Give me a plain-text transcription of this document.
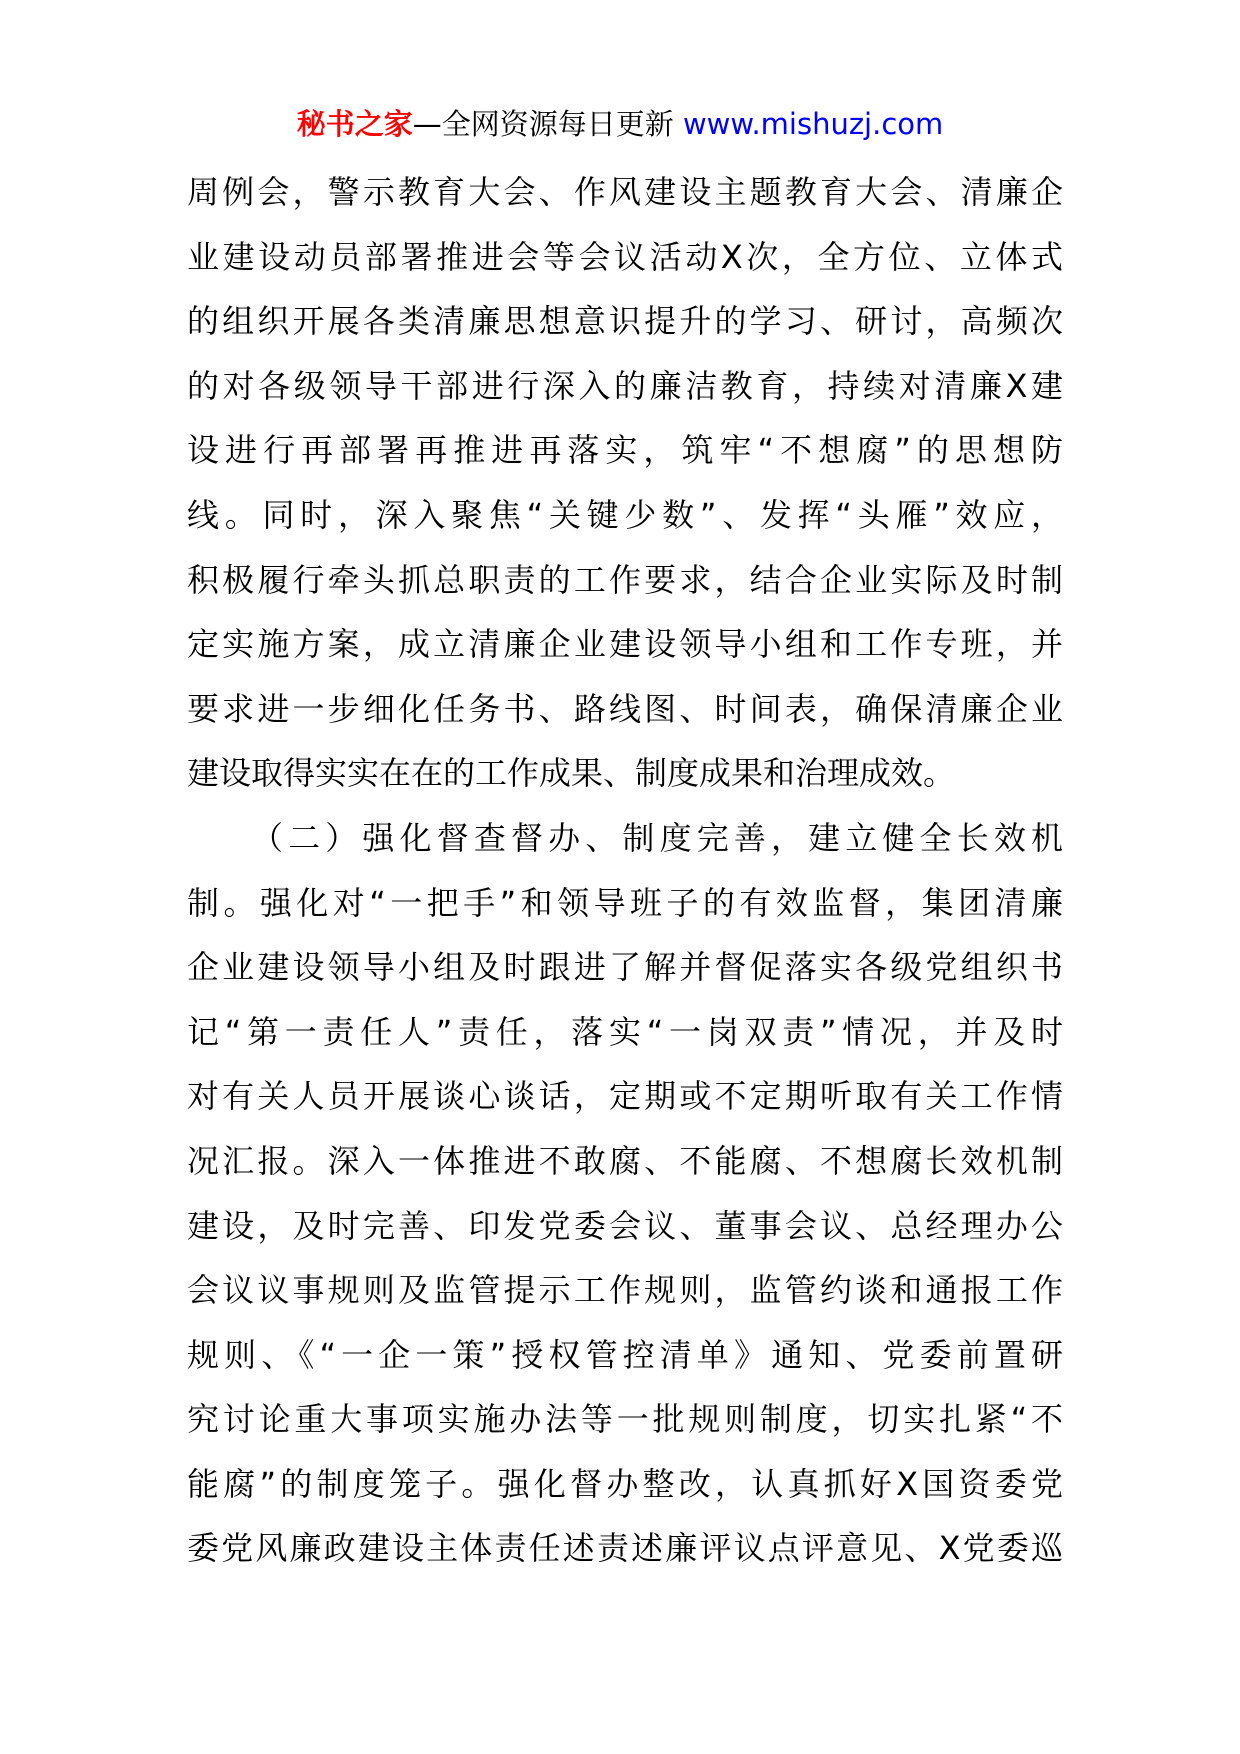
秘书之家—全网资源每日更新 www.mishuzj.com
周例会，警示教育大会、作风建设主题教育大会、清廉企
业建设动员部署推进会等会议活动X次，全方位、立体式
的组织开展各类清廉思想意识提升的学习、研讨，高频次
的对各级领导干部进行深入的廉洁教育，持续对清廉X建
设进行再部署再推进再落实，筑牢“不想腐”的思想防
线。同时，深入聚焦“关键少数”、发挥“头雁”效应，
积极履行牵头抓总职责的工作要求，结合企业实际及时制
定实施方案，成立清廉企业建设领导小组和工作专班，并
要求进一步细化任务书、路线图、时间表，确保清廉企业
建设取得实实在在的工作成果、制度成果和治理成效。
（二）强化督查督办、制度完善，建立健全长效机
制。强化对“一把手”和领导班子的有效监督，集团清廉
企业建设领导小组及时跟进了解并督促落实各级党组织书
记“第一责任人”责任，落实“一岗双责”情况，并及时
对有关人员开展谈心谈话，定期或不定期听取有关工作情
况汇报。深入一体推进不敢腐、不能腐、不想腐长效机制
建设，及时完善、印发党委会议、董事会议、总经理办公
会议议事规则及监管提示工作规则，监管约谈和通报工作
规则、《“一企一策”授权管控清单》通知、党委前置研
究讨论重大事项实施办法等一批规则制度，切实扎紧“不
能腐”的制度笼子。强化督办整改，认真抓好X国资委党
委党风廉政建设主体责任述责述廉评议点评意见、X党委巡
